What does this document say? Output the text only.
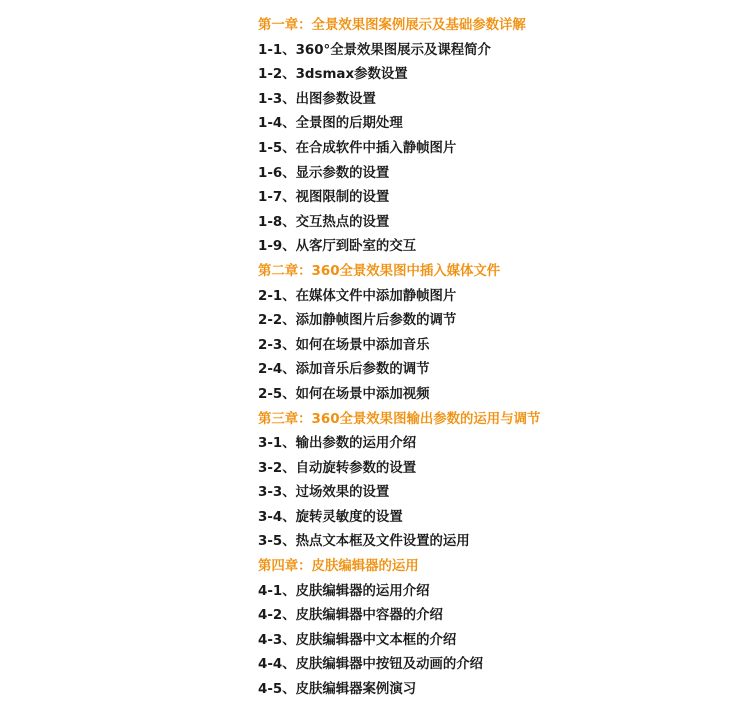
第一章：全景效果图案例展示及基础参数详解
1-1、360°全景效果图展示及课程简介
1-2、3dsmax参数设置
1-3、出图参数设置
1-4、全景图的后期处理
1-5、在合成软件中插入静帧图片
1-6、显示参数的设置
1-7、视图限制的设置
1-8、交互热点的设置
1-9、从客厅到卧室的交互
第二章：360全景效果图中插入媒体文件
2-1、在媒体文件中添加静帧图片
2-2、添加静帧图片后参数的调节
2-3、如何在场景中添加音乐
2-4、添加音乐后参数的调节
2-5、如何在场景中添加视频
第三章：360全景效果图输出参数的运用与调节
3-1、输出参数的运用介绍
3-2、自动旋转参数的设置
3-3、过场效果的设置
3-4、旋转灵敏度的设置
3-5、热点文本框及文件设置的运用
第四章：皮肤编辑器的运用
4-1、皮肤编辑器的运用介绍
4-2、皮肤编辑器中容器的介绍
4-3、皮肤编辑器中文本框的介绍
4-4、皮肤编辑器中按钮及动画的介绍
4-5、皮肤编辑器案例演习
